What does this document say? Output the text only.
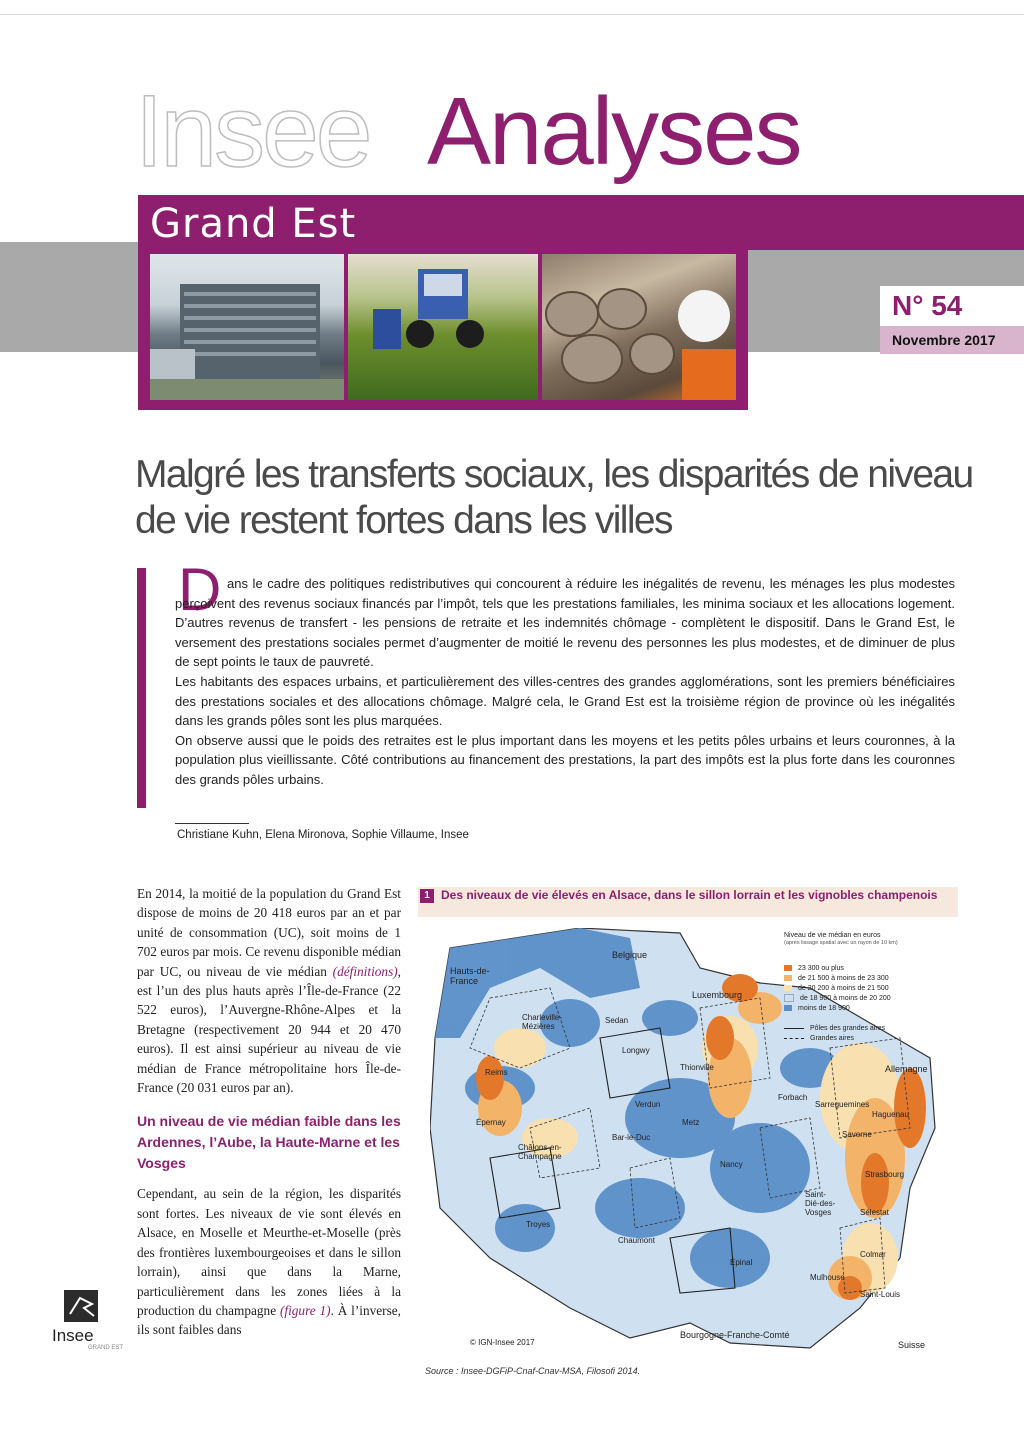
Insee Analyses
Grand Est
N° 54
Novembre 2017
Malgré les transferts sociaux, les disparités de niveau de vie restent fortes dans les villes
D ans le cadre des politiques redistributives qui concourent à réduire les inégalités de revenu, les ménages les plus modestes perçoivent des revenus sociaux financés par l’impôt, tels que les prestations familiales, les minima sociaux et les allocations logement. D’autres revenus de transfert - les pensions de retraite et les indemnités chômage - complètent le dispositif. Dans le Grand Est, le versement des prestations sociales permet d’augmenter de moitié le revenu des personnes les plus modestes, et de diminuer de plus de sept points le taux de pauvreté.

Les habitants des espaces urbains, et particulièrement des villes-centres des grandes agglomérations, sont les premiers bénéficiaires des prestations sociales et des allocations chômage. Malgré cela, le Grand Est est la troisième région de province où les inégalités dans les grands pôles sont les plus marquées.

On observe aussi que le poids des retraites est le plus important dans les moyens et les petits pôles urbains et leurs couronnes, à la population plus vieillissante. Côté contributions au financement des prestations, la part des impôts est la plus forte dans les couronnes des grands pôles urbains.

Christiane Kuhn, Elena Mironova, Sophie Villaume, Insee

En 2014, la moitié de la population du Grand Est dispose de moins de 20 418 euros par an et par unité de consommation (UC), soit moins de 1 702 euros par mois. Ce revenu disponible médian par UC, ou niveau de vie médian (définitions), est l’un des plus hauts après l’Île-de-France (22 522 euros), l’Auvergne-Rhône-Alpes et la Bretagne (respectivement 20 944 et 20 470 euros). Il est ainsi supérieur au niveau de vie médian de France métropolitaine hors Île-de-France (20 031 euros par an).

Un niveau de vie médian faible dans les Ardennes, l’Aube, la Haute-Marne et les Vosges

Cependant, au sein de la région, les disparités sont fortes. Les niveaux de vie sont élevés en Alsace, en Moselle et Meurthe-et-Moselle (près des frontières luxembourgeoises et dans le sillon lorrain), ainsi que dans la Marne, particulièrement dans les zones liées à la production du champagne (figure 1). À l’inverse, ils sont faibles dans

Insee
GRAND EST
1 Des niveaux de vie élevés en Alsace, dans le sillon lorrain et les vignobles champenois
Niveau de vie médian en euros
(après lissage spatial avec un rayon de 10 km)
23 300 ou plus
de 21 500 à moins de 23 300
de 20 200 à moins de 21 500
de 18 900 à moins de 20 200
moins de 18 900
Pôles des grandes aires
Grandes aires
Belgique
Hauts-de-France
Luxembourg
Allemagne
Suisse
Bourgogne-Franche-Comté
Charleville-Mézières
Sedan
Longwy
Thionville
Reims
Verdun
Metz
Forbach
Sarreguemines
Haguenau
Saverne
Strasbourg
Épernay
Châlons-en-Champagne
Bar-le-Duc
Nancy
Saint-Dié-des-Vosges	Sélestat
Colmar
Troyes
Chaumont
Épinal
Mulhouse
Saint-Louis
© IGN-Insee 2017
Source : Insee-DGFiP-Cnaf-Cnav-MSA, Filosofi 2014.
